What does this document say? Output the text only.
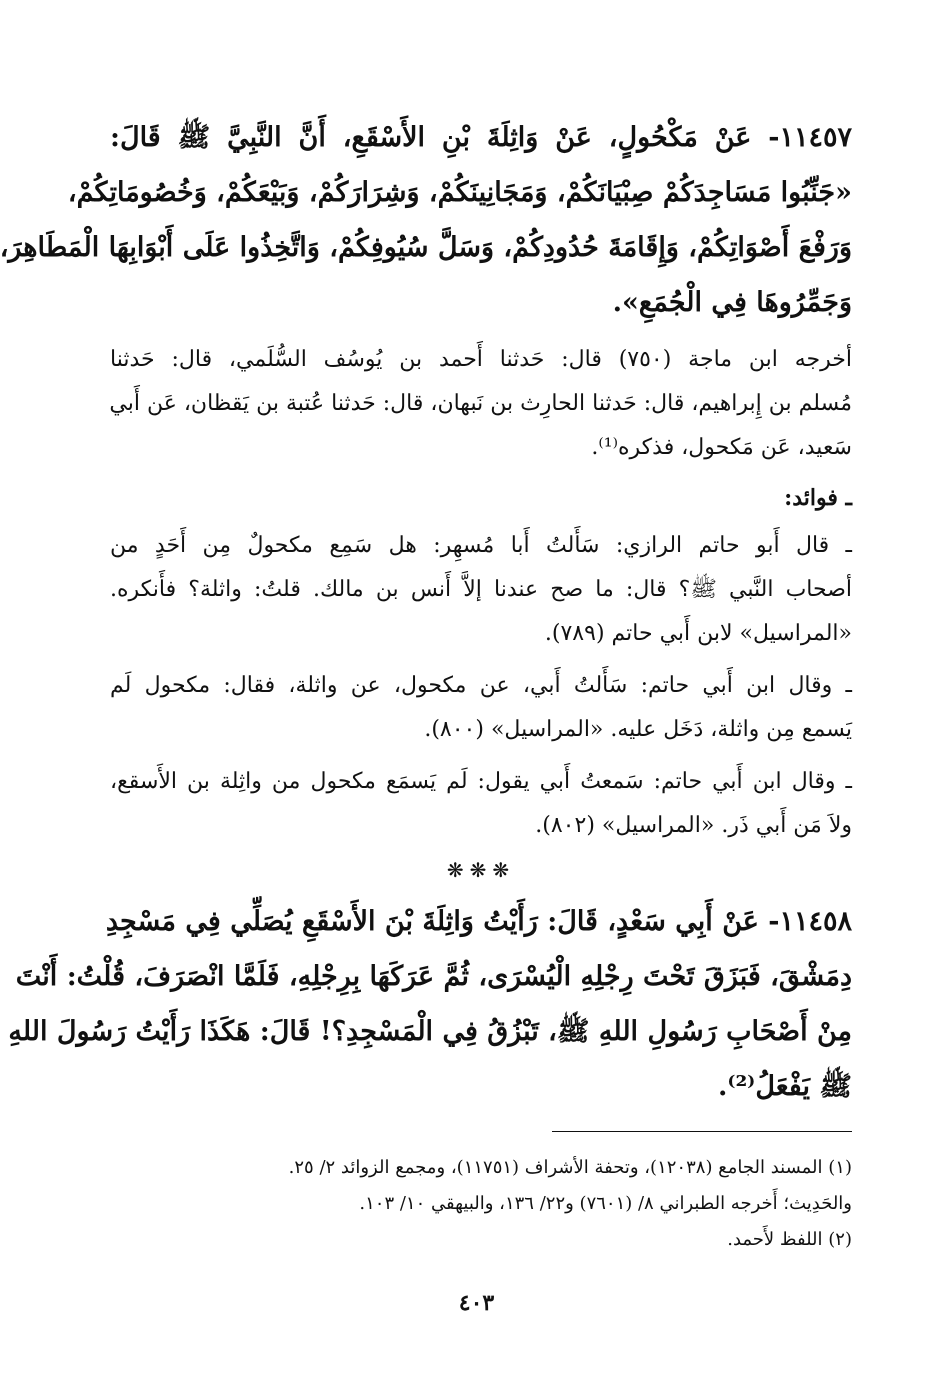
١١٤٥٧- عَنْ مَكْحُولٍ، عَنْ وَاثِلَةَ بْنِ الأَسْقَعِ، أَنَّ النَّبِيَّ ﷺ قَالَ:

«جَنِّبُوا مَسَاجِدَكُمْ صِبْيَانَكُمْ، وَمَجَانِينَكُمْ، وَشِرَارَكُمْ، وَبَيْعَكُمْ، وَخُصُومَاتِكُمْ،

وَرَفْعَ أَصْوَاتِكُمْ، وَإِقَامَةَ حُدُودِكُمْ، وَسَلَّ سُيُوفِكُمْ، وَاتَّخِذُوا عَلَى أَبْوَابِهَا الْمَطَاهِرَ،

وَجَمِّرُوهَا فِي الْجُمَعِ».

أخرجه ابن ماجة (٧٥٠) قال: حَدثنا أَحمد بن يُوسُف السُّلَمي، قال: حَدثنا

مُسلم بن إِبراهيم، قال: حَدثنا الحارِث بن نَبهان، قال: حَدثنا عُتبة بن يَقظان، عَن أَبي

سَعيد، عَن مَكحول، فذكره⁽¹⁾.

ـ فوائد:

ـ قال أَبو حاتم الرازي: سَأَلتُ أَبا مُسهِر: هل سَمِع مكحولٌ مِن أَحَدٍ من

أصحاب النَّبي ﷺ؟ قال: ما صح عندنا إلاَّ أَنس بن مالك. قلتُ: واثلة؟ فأَنكره.

«المراسيل» لابن أَبي حاتم (٧٨٩).

ـ وقال ابن أَبي حاتم: سَأَلتُ أَبي، عن مكحول، عن واثلة، فقال: مكحول لَم

يَسمع مِن واثلة، دَخَل عليه. «المراسيل» (٨٠٠).

ـ وقال ابن أَبي حاتم: سَمعتُ أَبي يقول: لَم يَسمَع مكحول من واثِلة بن الأَسقع،

ولاَ مَن أَبي ذَر. «المراسيل» (٨٠٢).

❋❋❋

١١٤٥٨- عَنْ أَبِي سَعْدٍ، قَالَ: رَأَيْتُ وَاثِلَةَ بْنَ الأَسْقَعِ يُصَلِّي فِي مَسْجِدِ

دِمَشْقَ، فَبَزَقَ تَحْتَ رِجْلِهِ الْيُسْرَى، ثُمَّ عَرَكَهَا بِرِجْلِهِ، فَلَمَّا انْصَرَفَ، قُلْتُ: أَنْتَ

مِنْ أَصْحَابِ رَسُولِ اللهِ ﷺ، تَبْزُقُ فِي الْمَسْجِدِ؟! قَالَ: هَكَذَا رَأَيْتُ رَسُولَ اللهِ

ﷺ يَفْعَلُ⁽²⁾.

(١) المسند الجامع (١٢٠٣٨)، وتحفة الأشراف (١١٧٥١)، ومجمع الزوائد ٢/ ٢٥.

والحَدِيث؛ أَخرجه الطبراني ٨/ (٧٦٠١) و٢٢/ ١٣٦، والبيهقي ١٠/ ١٠٣.

(٢) اللفظ لأَحمد.

٤٠٣
